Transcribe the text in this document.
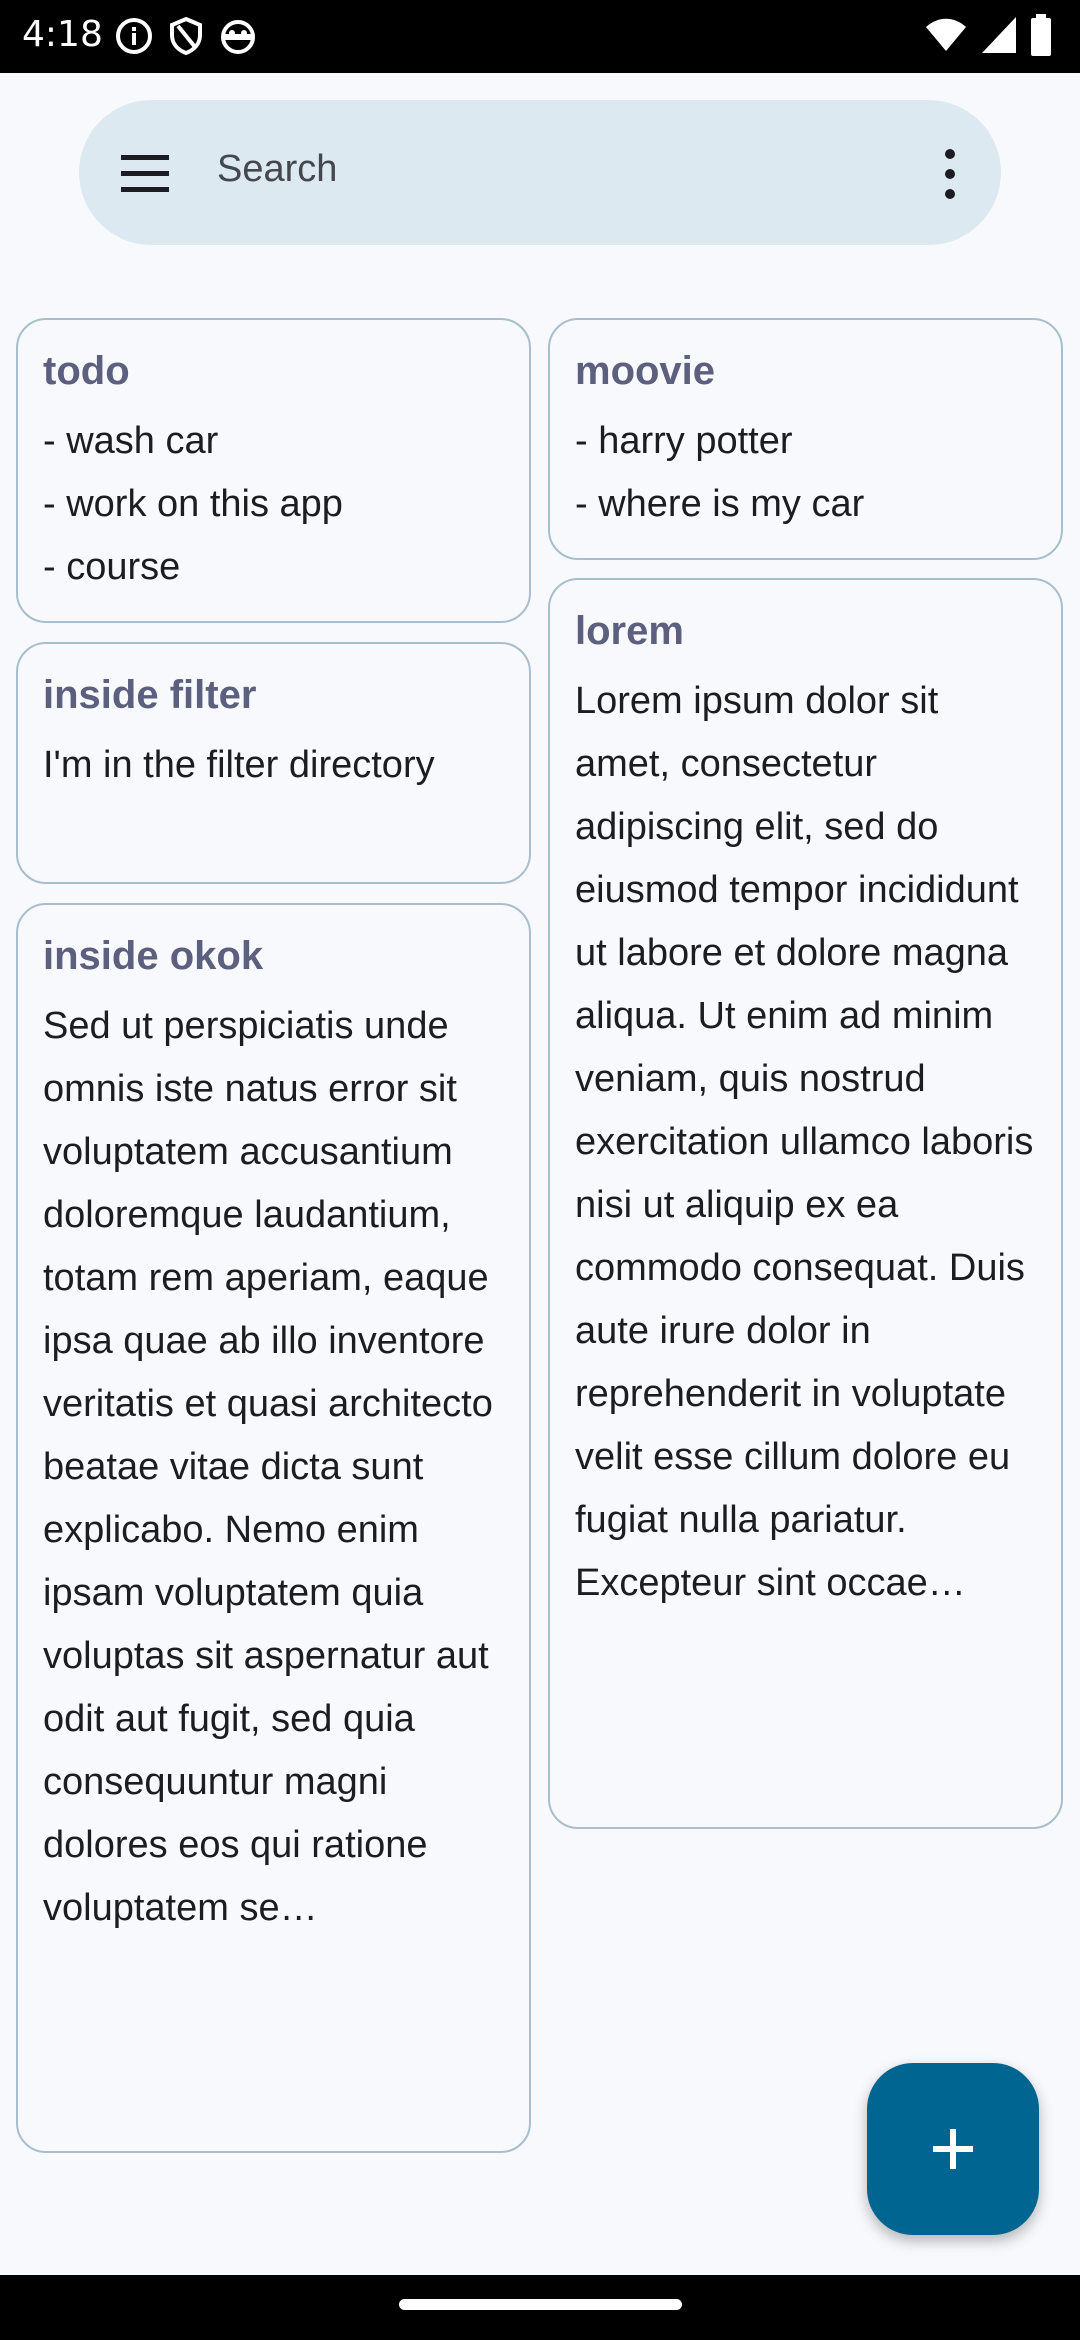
4:18
Search
todo
- wash car
- work on this app
- course
moovie
- harry potter
- where is my car
inside filter
I'm in the filter directory
lorem
Lorem ipsum dolor sit amet, consectetur adipiscing elit, sed do eiusmod tempor incididunt ut labore et dolore magna aliqua. Ut enim ad minim veniam, quis nostrud exercitation ullamco laboris nisi ut aliquip ex ea commodo consequat. Duis aute irure dolor in reprehenderit in voluptate velit esse cillum dolore eu fugiat nulla pariatur. Excepteur sint occae…
inside okok
Sed ut perspiciatis unde omnis iste natus error sit voluptatem accusantium doloremque laudantium, totam rem aperiam, eaque ipsa quae ab illo inventore veritatis et quasi architecto beatae vitae dicta sunt explicabo. Nemo enim ipsam voluptatem quia voluptas sit aspernatur aut odit aut fugit, sed quia consequuntur magni dolores eos qui ratione voluptatem se…
